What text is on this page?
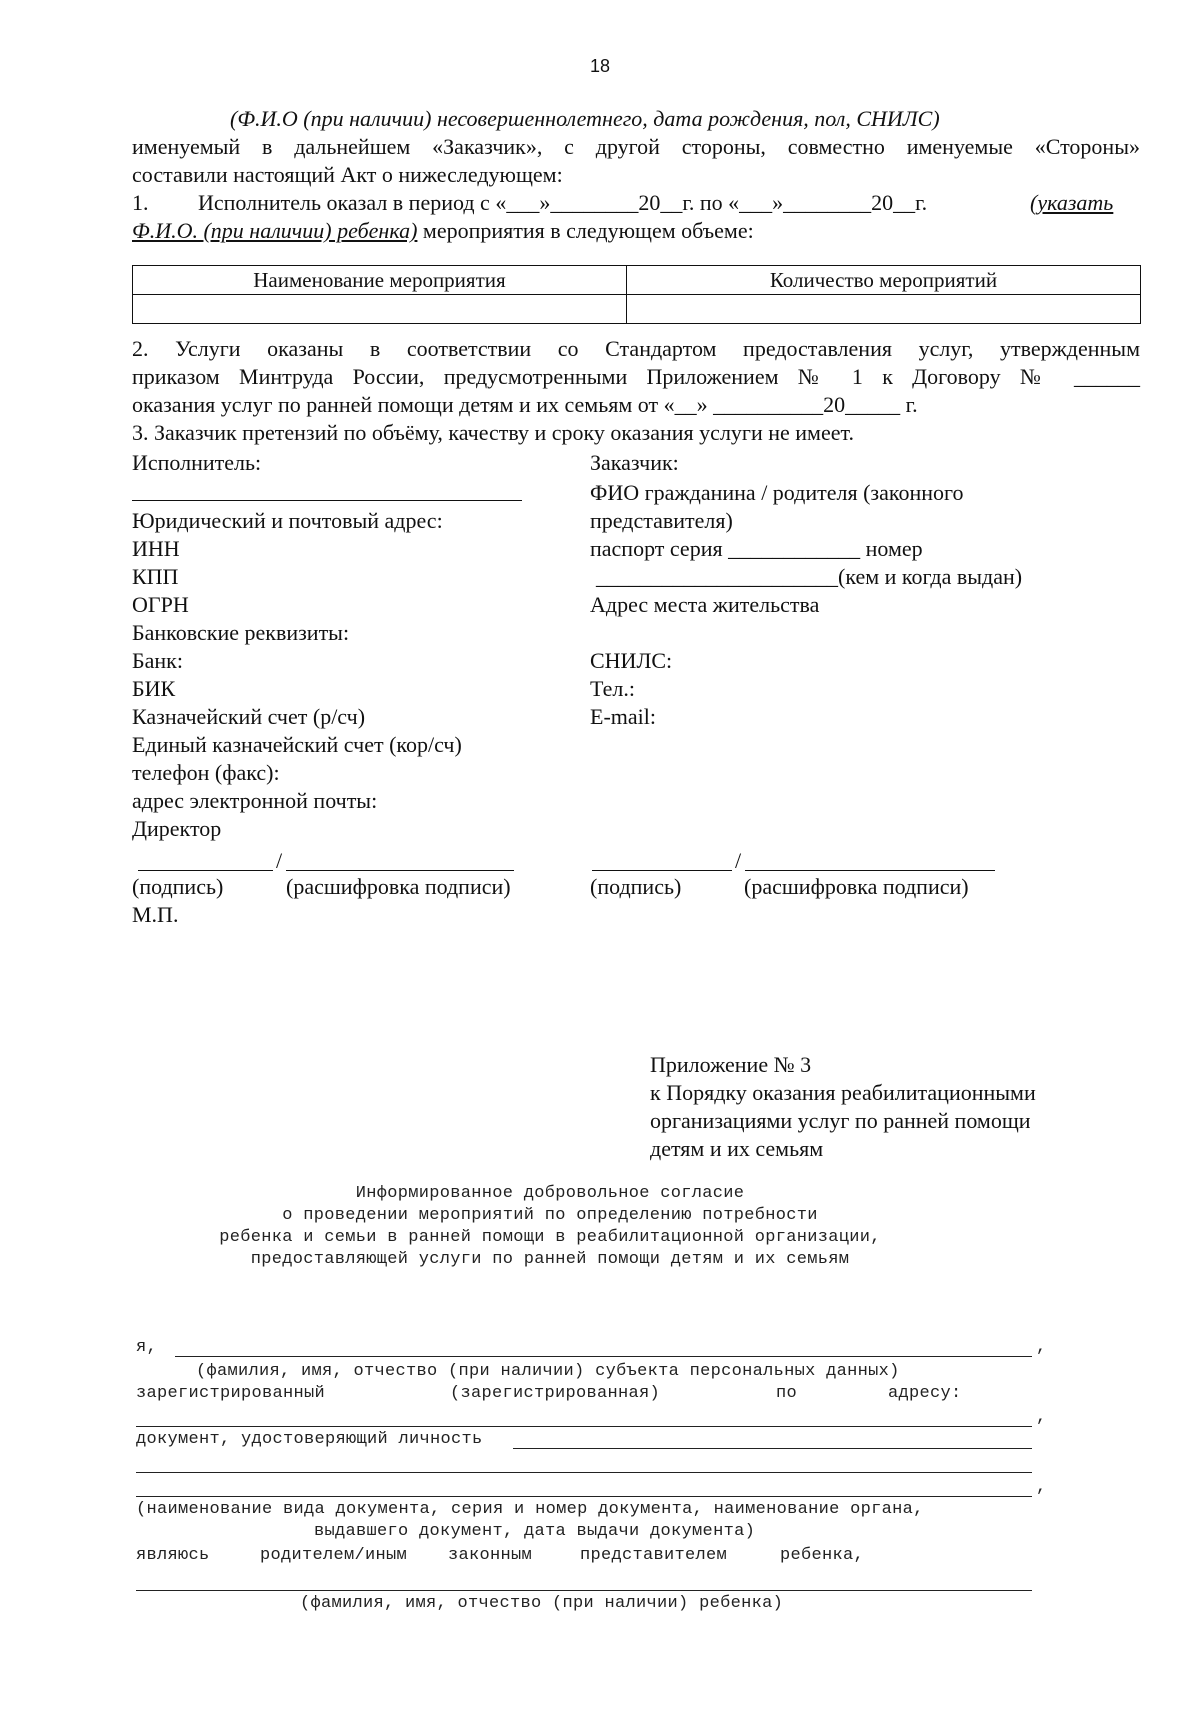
18
(Ф.И.О (при наличии) несовершеннолетнего, дата рождения, пол, СНИЛС)
именуемый в дальнейшем «Заказчик», с другой стороны, совместно именуемые «Стороны»
составили настоящий Акт о нижеследующем:
1. Исполнитель оказал в период с «___»________20__г. по «___»________20__г.	(указать
Ф.И.О. (при наличии) ребенка) мероприятия в следующем объеме:
Наименование мероприятия	Количество мероприятий

2. Услуги оказаны в соответствии со Стандартом предоставления услуг, утвержденным
приказом Минтруда России, предусмотренными Приложением № 1 к Договору № ______
оказания услуг по ранней помощи детям и их семьям от «__» __________20_____ г.
3. Заказчик претензий по объёму, качеству и сроку оказания услуги не имеет.
Исполнитель:
Юридический и почтовый адрес:
ИНН
КПП
ОГРН
Банковские реквизиты:
Банк:
БИК
Казначейский счет (р/сч)
Единый казначейский счет (кор/сч)
телефон (факс):
адрес электронной почты:
Директор
/
(подпись)	(расшифровка подписи)
М.П.
Заказчик:
ФИО гражданина / родителя (законного
представителя)
паспорт серия ____________ номер
______________________(кем и когда выдан)
Адрес места жительства
СНИЛС:
Тел.:
E-mail:
/
(подпись)	(расшифровка подписи)
Приложение № 3
к Порядку оказания реабилитационными
организациями услуг по ранней помощи
детям и их семьям
Информированное добровольное согласие
о проведении мероприятий по определению потребности
ребенка и семьи в ранней помощи в реабилитационной организации,
предоставляющей услуги по ранней помощи детям и их семьям
я,	,
(фамилия, имя, отчество (при наличии) субъекта персональных данных)
зарегистрированный	(зарегистрированная)	по	адресу:
,
документ, удостоверяющий личность
,
(наименование вида документа, серия и номер документа, наименование органа,
выдавшего документ, дата выдачи документа)
являюсь	родителем/иным законным	представителем	ребенка,
(фамилия, имя, отчество (при наличии) ребенка)
